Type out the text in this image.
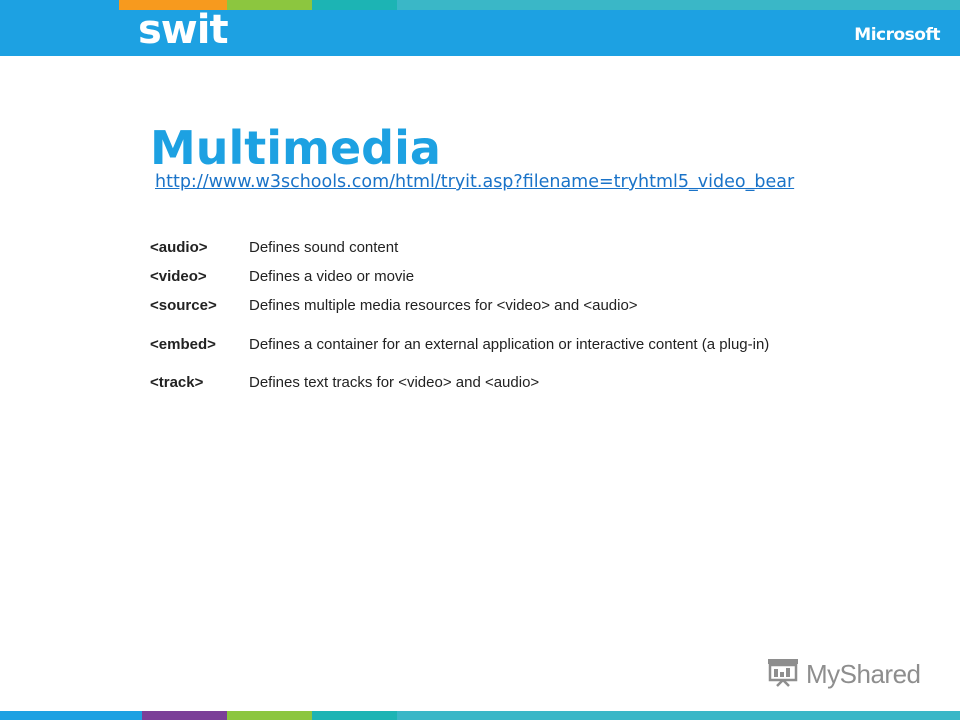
swit	Microsoft
Multimedia
http://www.w3schools.com/html/tryit.asp?filename=tryhtml5_video_bear
<audio>	Defines sound content
<video>	Defines a video or movie
<source>	Defines multiple media resources for <video> and <audio>
<embed>	Defines a container for an external application or interactive content (a plug-in)
<track>	Defines text tracks for <video> and <audio>
MyShared
